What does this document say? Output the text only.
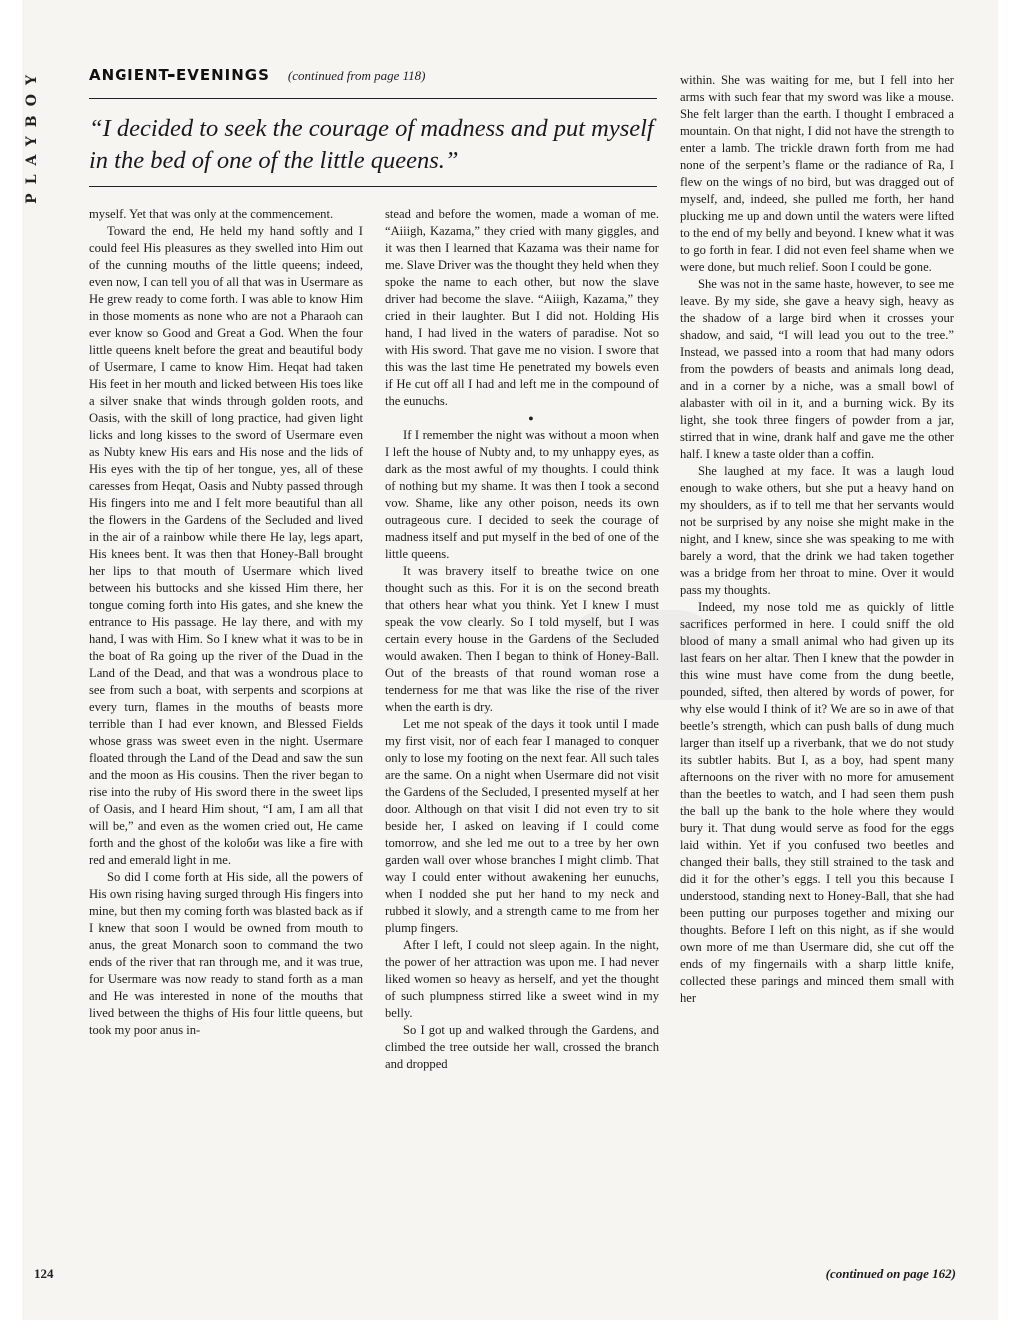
PLAYBOY	ANCIENT EVENINGS (continued from page 118)
“I decided to seek the courage of madness and put myself in the bed of one of the little queens.”

myself. Yet that was only at the commencement.

Toward the end, He held my hand softly and I could feel His pleasures as they swelled into Him out of the cunning mouths of the little queens; indeed, even now, I can tell you of all that was in Usermare as He grew ready to come forth. I was able to know Him in those moments as none who are not a Pharaoh can ever know so Good and Great a God. When the four little queens knelt before the great and beautiful body of Usermare, I came to know Him. Heqat had taken His feet in her mouth and licked between His toes like a silver snake that winds through golden roots, and Oasis, with the skill of long practice, had given light licks and long kisses to the sword of Usermare even as Nubty knew His ears and His nose and the lids of His eyes with the tip of her tongue, yes, all of these caresses from Heqat, Oasis and Nubty passed through His fingers into me and I felt more beautiful than all the flowers in the Gardens of the Secluded and lived in the air of a rainbow while there He lay, legs apart, His knees bent. It was then that Honey-Ball brought her lips to that mouth of Usermare which lived between his buttocks and she kissed Him there, her tongue coming forth into His gates, and she knew the entrance to His passage. He lay there, and with my hand, I was with Him. So I knew what it was to be in the boat of Ra going up the river of the Duad in the Land of the Dead, and that was a wondrous place to see from such a boat, with serpents and scorpions at every turn, flames in the mouths of beasts more terrible than I had ever known, and Blessed Fields whose grass was sweet even in the night. Usermare floated through the Land of the Dead and saw the sun and the moon as His cousins. Then the river began to rise into the ruby of His sword there in the sweet lips of Oasis, and I heard Him shout, “I am, I am all that will be,” and even as the women cried out, He came forth and the ghost of the koloби was like a fire with red and emerald light in me.

So did I come forth at His side, all the powers of His own rising having surged through His fingers into mine, but then my coming forth was blasted back as if I knew that soon I would be owned from mouth to anus, the great Monarch soon to command the two ends of the river that ran through me, and it was true, for Usermare was now ready to stand forth as a man and He was interested in none of the mouths that lived between the thighs of His four little queens, but took my poor anus in-

stead and before the women, made a woman of me. “Aiiigh, Kazama,” they cried with many giggles, and it was then I learned that Kazama was their name for me. Slave Driver was the thought they held when they spoke the name to each other, but now the slave driver had become the slave. “Aiiigh, Kazama,” they cried in their laughter. But I did not. Holding His hand, I had lived in the waters of paradise. Not so with His sword. That gave me no vision. I swore that this was the last time He penetrated my bowels even if He cut off all I had and left me in the compound of the eunuchs.

●

If I remember the night was without a moon when I left the house of Nubty and, to my unhappy eyes, as dark as the most awful of my thoughts. I could think of nothing but my shame. It was then I took a second vow. Shame, like any other poison, needs its own outrageous cure. I decided to seek the courage of madness itself and put myself in the bed of one of the little queens.

It was bravery itself to breathe twice on one thought such as this. For it is on the second breath that others hear what you think. Yet I knew I must speak the vow clearly. So I told myself, but I was certain every house in the Gardens of the Secluded would awaken. Then I began to think of Honey-Ball. Out of the breasts of that round woman rose a tenderness for me that was like the rise of the river when the earth is dry.

Let me not speak of the days it took until I made my first visit, nor of each fear I managed to conquer only to lose my footing on the next fear. All such tales are the same. On a night when Usermare did not visit the Gardens of the Secluded, I presented myself at her door. Although on that visit I did not even try to sit beside her, I asked on leaving if I could come tomorrow, and she led me out to a tree by her own garden wall over whose branches I might climb. That way I could enter without awakening her eunuchs, when I nodded she put her hand to my neck and rubbed it slowly, and a strength came to me from her plump fingers.

After I left, I could not sleep again. In the night, the power of her attraction was upon me. I had never liked women so heavy as herself, and yet the thought of such plumpness stirred like a sweet wind in my belly.

So I got up and walked through the Gardens, and climbed the tree outside her wall, crossed the branch and dropped

within. She was waiting for me, but I fell into her arms with such fear that my sword was like a mouse. She felt larger than the earth. I thought I embraced a mountain. On that night, I did not have the strength to enter a lamb. The trickle drawn forth from me had none of the serpent’s flame or the radiance of Ra, I flew on the wings of no bird, but was dragged out of myself, and, indeed, she pulled me forth, her hand plucking me up and down until the waters were lifted to the end of my belly and beyond. I knew what it was to go forth in fear. I did not even feel shame when we were done, but much relief. Soon I could be gone.

She was not in the same haste, however, to see me leave. By my side, she gave a heavy sigh, heavy as the shadow of a large bird when it crosses your shadow, and said, “I will lead you out to the tree.” Instead, we passed into a room that had many odors from the powders of beasts and animals long dead, and in a corner by a niche, was a small bowl of alabaster with oil in it, and a burning wick. By its light, she took three fingers of powder from a jar, stirred that in wine, drank half and gave me the other half. I knew a taste older than a coffin.

She laughed at my face. It was a laugh loud enough to wake others, but she put a heavy hand on my shoulders, as if to tell me that her servants would not be surprised by any noise she might make in the night, and I knew, since she was speaking to me with barely a word, that the drink we had taken together was a bridge from her throat to mine. Over it would pass my thoughts.

Indeed, my nose told me as quickly of little sacrifices performed in here. I could sniff the old blood of many a small animal who had given up its last fears on her altar. Then I knew that the powder in this wine must have come from the dung beetle, pounded, sifted, then altered by words of power, for why else would I think of it? We are so in awe of that beetle’s strength, which can push balls of dung much larger than itself up a riverbank, that we do not study its subtler habits. But I, as a boy, had spent many afternoons on the river with no more for amusement than the beetles to watch, and I had seen them push the ball up the bank to the hole where they would bury it. That dung would serve as food for the eggs laid within. Yet if you confused two beetles and changed their balls, they still strained to the task and did it for the other’s eggs. I tell you this because I understood, standing next to Honey-Ball, that she had been putting our purposes together and mixing our thoughts. Before I left on this night, as if she would own more of me than Usermare did, she cut off the ends of my fingernails with a sharp little knife, collected these parings and minced them small with her

(continued on page 162)
124
